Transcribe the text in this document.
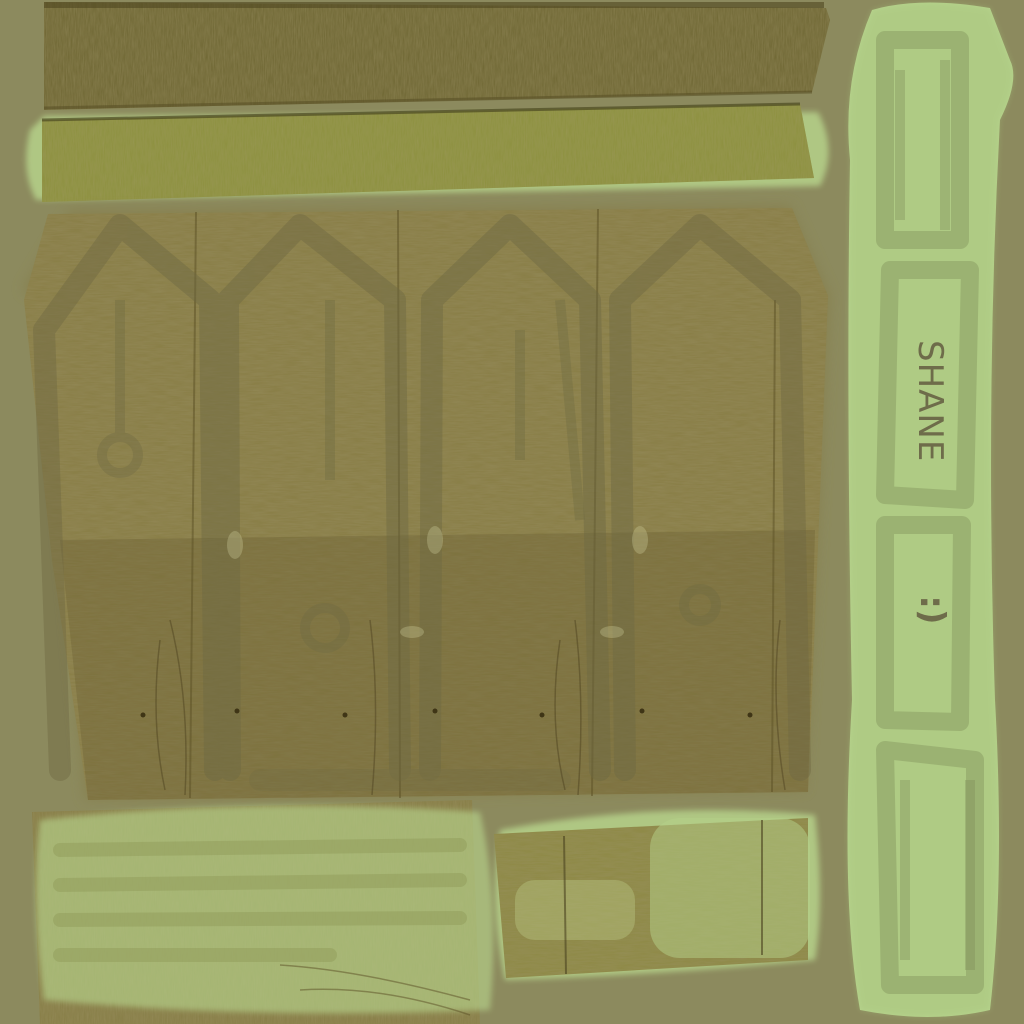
SHANE
:)
